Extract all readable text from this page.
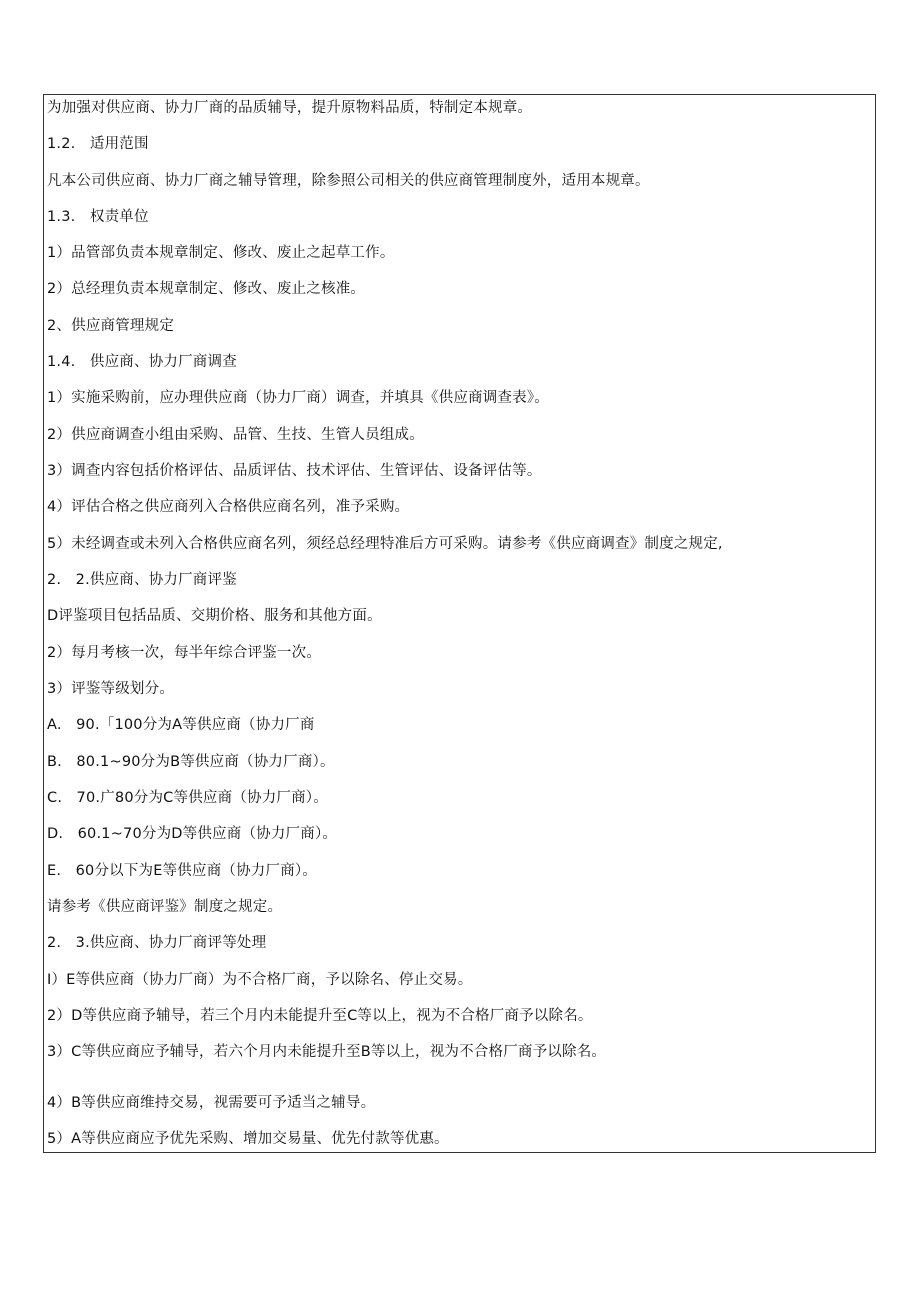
为加强对供应商、协力厂商的品质辅导，提升原物料品质，特制定本规章。
1.2.   适用范围
凡本公司供应商、协力厂商之辅导管理，除参照公司相关的供应商管理制度外，适用本规章。
1.3.   权责单位
1）品管部负责本规章制定、修改、废止之起草工作。
2）总经理负责本规章制定、修改、废止之核准。
2、供应商管理规定
1.4.   供应商、协力厂商调查
1）实施采购前，应办理供应商（协力厂商）调查，并填具《供应商调查表》。
2）供应商调查小组由采购、品管、生技、生管人员组成。
3）调查内容包括价格评估、品质评估、技术评估、生管评估、设备评估等。
4）评估合格之供应商列入合格供应商名列，准予采购。
5）未经调查或未列入合格供应商名列，须经总经理特准后方可采购。请参考《供应商调查》制度之规定,
2.   2.供应商、协力厂商评鉴
D评鉴项目包括品质、交期价格、服务和其他方面。
2）每月考核一次，每半年综合评鉴一次。
3）评鉴等级划分。
A.   90.「100分为A等供应商（协力厂商
B.   80.1~90分为B等供应商（协力厂商）。
C.   70.广80分为C等供应商（协力厂商）。
D.   60.1~70分为D等供应商（协力厂商）。
E.   60分以下为E等供应商（协力厂商）。
请参考《供应商评鉴》制度之规定。
2.   3.供应商、协力厂商评等处理
I）E等供应商（协力厂商）为不合格厂商，予以除名、停止交易。
2）D等供应商予辅导，若三个月内未能提升至C等以上，视为不合格厂商予以除名。
3）C等供应商应予辅导，若六个月内未能提升至B等以上，视为不合格厂商予以除名。
4）B等供应商维持交易，视需要可予适当之辅导。
5）A等供应商应予优先采购、增加交易量、优先付款等优惠。
